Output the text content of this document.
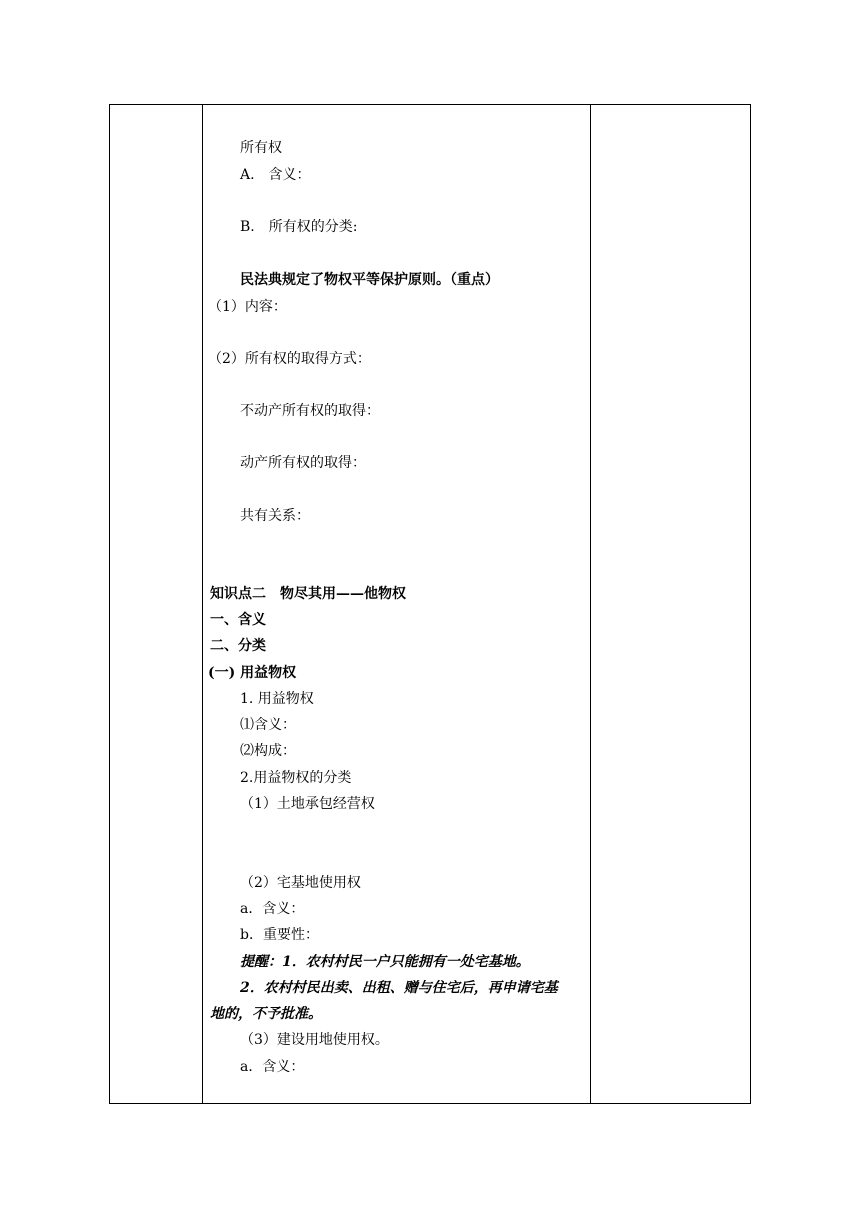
所有权
A.　含义：
B.　所有权的分类:
民法典规定了物权平等保护原则。（重点）
（1）内容：
（2）所有权的取得方式：
不动产所有权的取得：
动产所有权的取得：
共有关系：
知识点二　物尽其用——他物权
一、含义
二、分类
(一) 用益物权
1. 用益物权
⑴含义：
⑵构成：
2.用益物权的分类
（1）土地承包经营权
（2）宅基地使用权
a．含义：
b．重要性：
提醒：1．农村村民一户只能拥有一处宅基地。
2．农村村民出卖、出租、赠与住宅后，再申请宅基
地的，不予批准。
（3）建设用地使用权。
a．含义：
